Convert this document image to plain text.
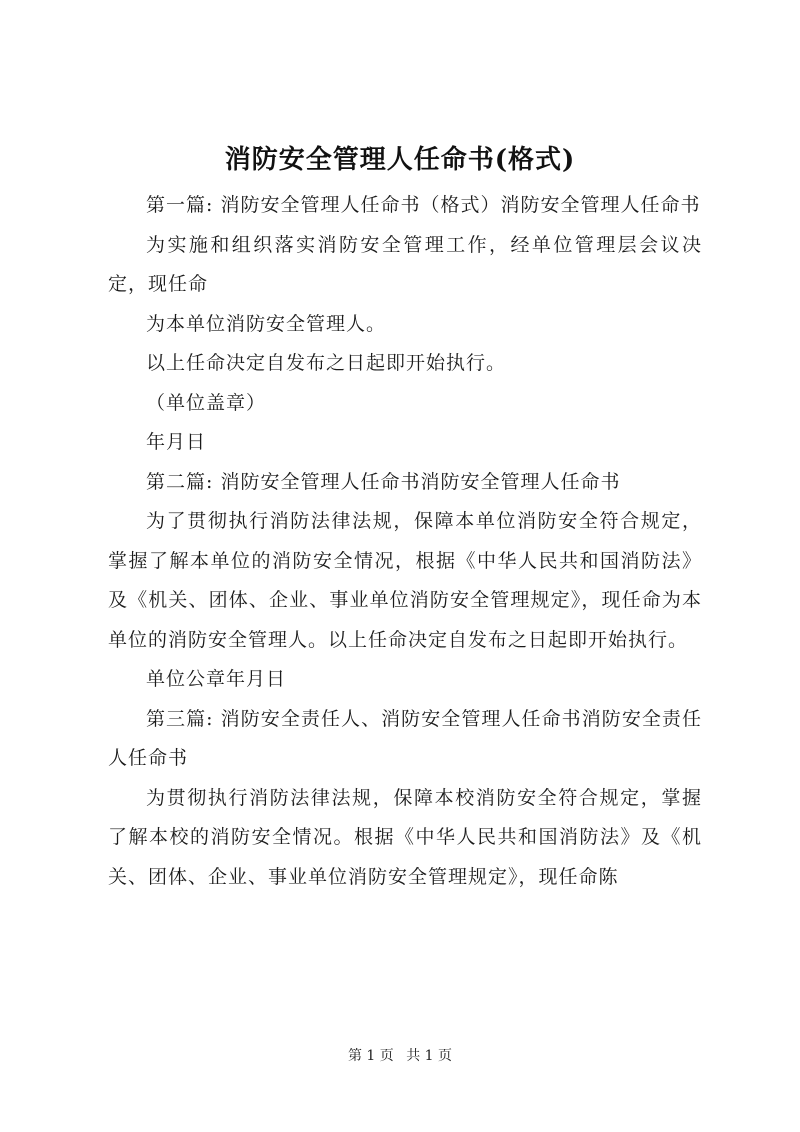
消防安全管理人任命书(格式)

第一篇: 消防安全管理人任命书（格式）消防安全管理人任命书

为实施和组织落实消防安全管理工作，经单位管理层会议决定，现任命

为本单位消防安全管理人。

以上任命决定自发布之日起即开始执行。

（单位盖章）

年月日

第二篇: 消防安全管理人任命书消防安全管理人任命书

为了贯彻执行消防法律法规，保障本单位消防安全符合规定，掌握了解本单位的消防安全情况，根据《中华人民共和国消防法》及《机关、团体、企业、事业单位消防安全管理规定》，现任命为本单位的消防安全管理人。以上任命决定自发布之日起即开始执行。

单位公章年月日

第三篇: 消防安全责任人、消防安全管理人任命书消防安全责任人任命书

为贯彻执行消防法律法规，保障本校消防安全符合规定，掌握了解本校的消防安全情况。根据《中华人民共和国消防法》及《机关、团体、企业、事业单位消防安全管理规定》，现任命陈

第 1 页 共 1 页
